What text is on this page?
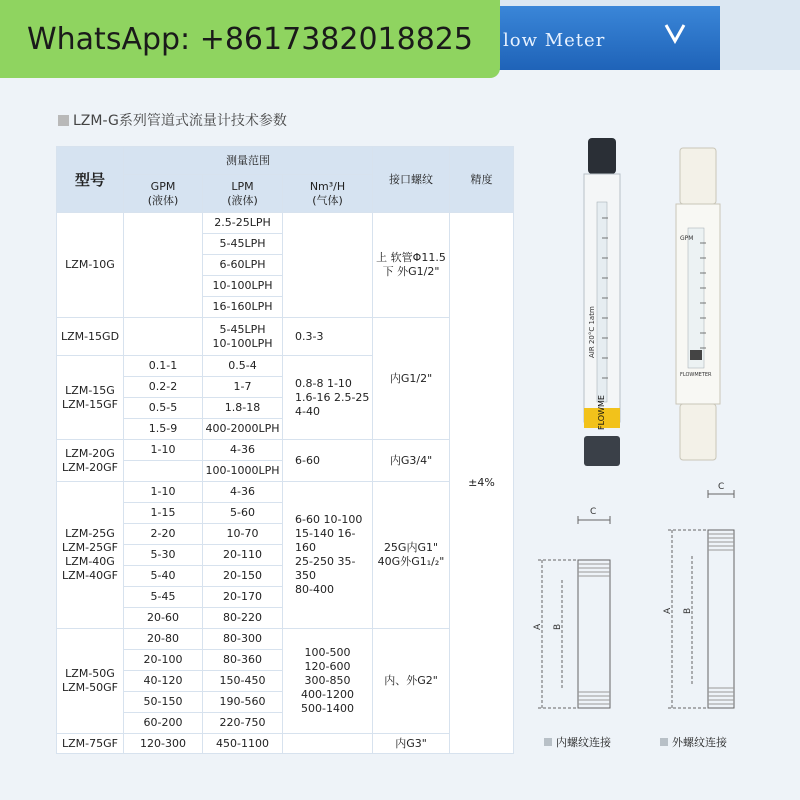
low Meter
WhatsApp: +8617382018825
LZM-G系列管道式流量计技术参数
型号	测量范围			接口螺纹	精度
	GPM
(液体)	LPM
(液体)	Nm³/H
(气体)		
LZM-10G		2.5-25LPH		上 软管Φ11.5
下 外G1/2"	±4%
		5-45LPH			
		6-60LPH			
		10-100LPH			
		16-160LPH			
LZM-15GD		5-45LPH
10-100LPH	0.3-3	内G1/2"	
LZM-15G
LZM-15GF	0.1-1	0.5-4	0.8-8 1-10
1.6-16 2.5-25
4-40		
	0.2-2	1-7			
	0.5-5	1.8-18			
	1.5-9	400-2000LPH			
LZM-20G
LZM-20GF	1-10	4-36	6-60	内G3/4"	
		100-1000LPH			
LZM-25G
LZM-25GF
LZM-40G
LZM-40GF	1-10	4-36	6-60 10-100
15-140 16-160
25-250 35-350
80-400	25G内G1"
40G外G1₁/₂"	
	1-15	5-60			
	2-20	10-70			
	5-30	20-110			
	5-40	20-150			
	5-45	20-170			
	20-60	80-220			
LZM-50G
LZM-50GF	20-80	80-300	100-500
120-600
300-850
400-1200
500-1400	内、外G2"	
	20-100	80-360			
	40-120	150-450			
	50-150	190-560			
	60-200	220-750			
LZM-75GF	120-300	450-1100		内G3"	
AIR 20°C 1atm
FLOWME
GPM
FLOWMETER
C
A B
内螺纹连接
C
A B
外螺纹连接
